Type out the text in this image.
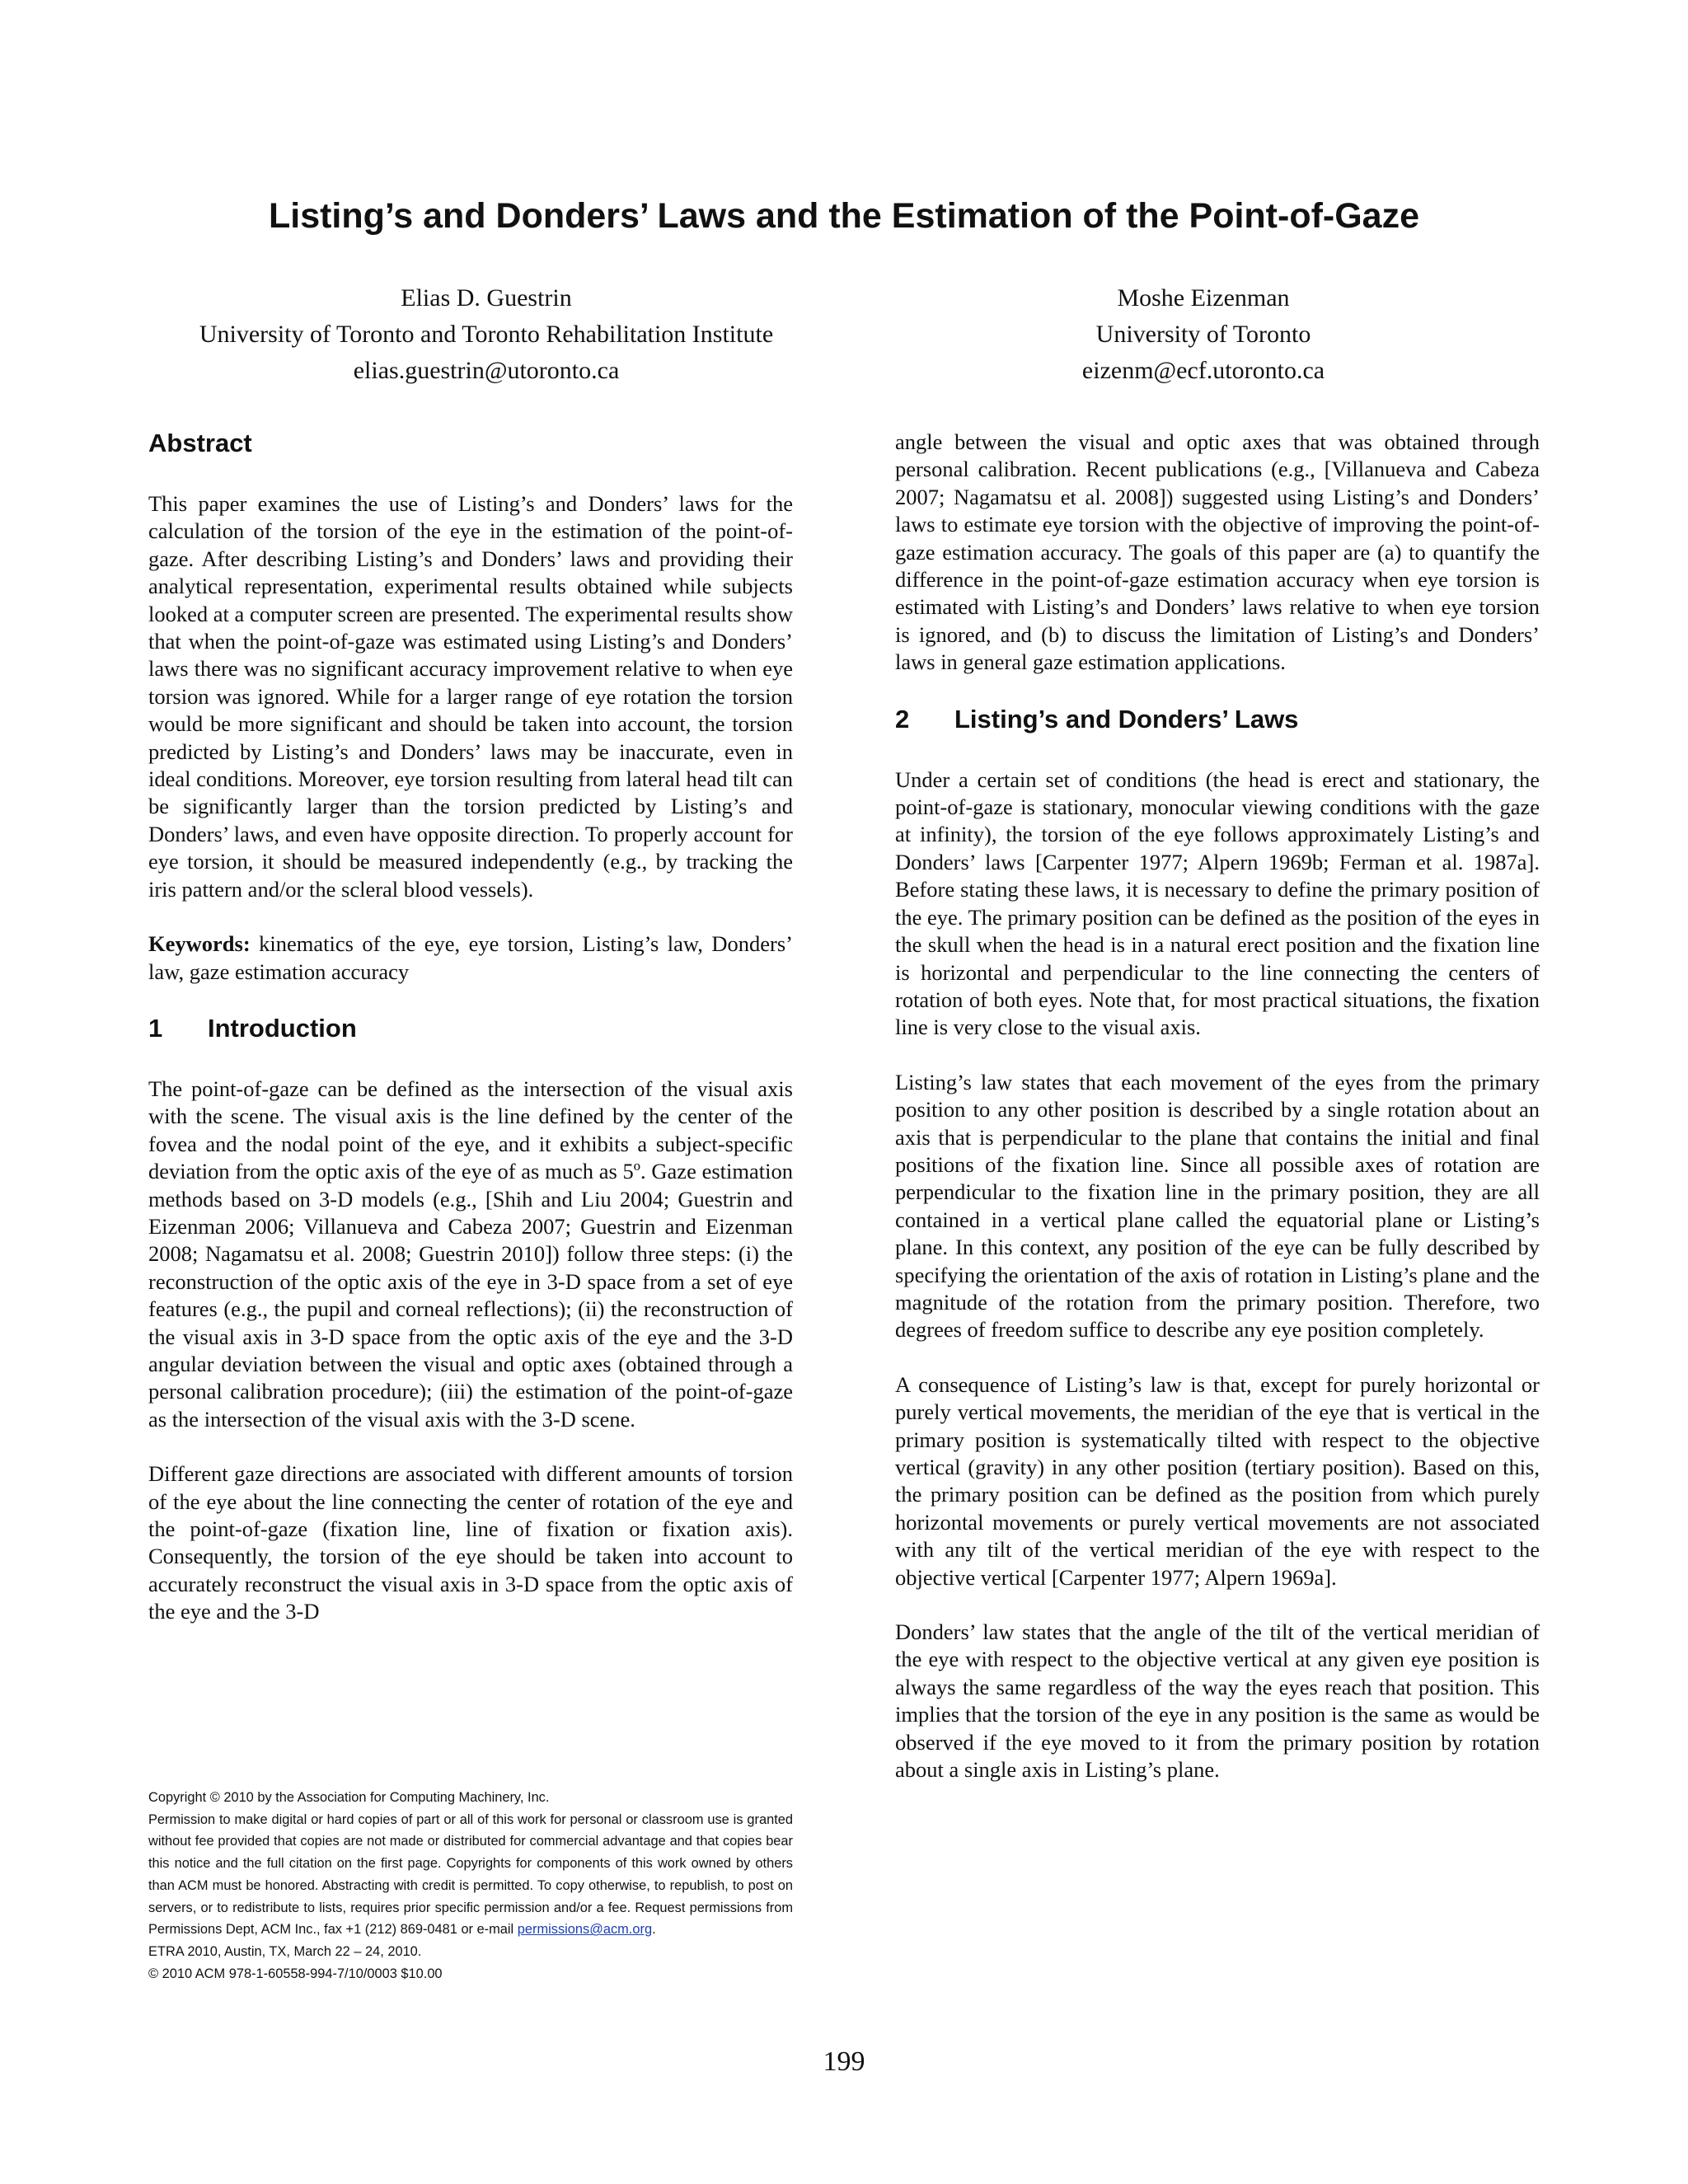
Listing’s and Donders’ Laws and the Estimation of the Point-of-Gaze
Elias D. Guestrin
University of Toronto and Toronto Rehabilitation Institute
elias.guestrin@utoronto.ca
Moshe Eizenman
University of Toronto
eizenm@ecf.utoronto.ca
Abstract

This paper examines the use of Listing’s and Donders’ laws for the calculation of the torsion of the eye in the estimation of the point-of-gaze. After describing Listing’s and Donders’ laws and providing their analytical representation, experimental results obtained while subjects looked at a computer screen are presented. The experimental results show that when the point-of-gaze was estimated using Listing’s and Donders’ laws there was no significant accuracy improvement relative to when eye torsion was ignored. While for a larger range of eye rotation the torsion would be more significant and should be taken into account, the torsion predicted by Listing’s and Donders’ laws may be inaccurate, even in ideal conditions. Moreover, eye torsion resulting from lateral head tilt can be significantly larger than the torsion predicted by Listing’s and Donders’ laws, and even have opposite direction. To properly account for eye torsion, it should be measured independently (e.g., by tracking the iris pattern and/or the scleral blood vessels).

Keywords: kinematics of the eye, eye torsion, Listing’s law, Donders’ law, gaze estimation accuracy

1 Introduction

The point-of-gaze can be defined as the intersection of the visual axis with the scene. The visual axis is the line defined by the center of the fovea and the nodal point of the eye, and it exhibits a subject-specific deviation from the optic axis of the eye of as much as 5º. Gaze estimation methods based on 3-D models (e.g., [Shih and Liu 2004; Guestrin and Eizenman 2006; Villanueva and Cabeza 2007; Guestrin and Eizenman 2008; Nagamatsu et al. 2008; Guestrin 2010]) follow three steps: (i) the reconstruction of the optic axis of the eye in 3-D space from a set of eye features (e.g., the pupil and corneal reflections); (ii) the reconstruction of the visual axis in 3-D space from the optic axis of the eye and the 3-D angular deviation between the visual and optic axes (obtained through a personal calibration procedure); (iii) the estimation of the point-of-gaze as the intersection of the visual axis with the 3-D scene.

Different gaze directions are associated with different amounts of torsion of the eye about the line connecting the center of rotation of the eye and the point-of-gaze (fixation line, line of fixation or fixation axis). Consequently, the torsion of the eye should be taken into account to accurately reconstruct the visual axis in 3-D space from the optic axis of the eye and the 3-D

angle between the visual and optic axes that was obtained through personal calibration. Recent publications (e.g., [Villanueva and Cabeza 2007; Nagamatsu et al. 2008]) suggested using Listing’s and Donders’ laws to estimate eye torsion with the objective of improving the point-of-gaze estimation accuracy. The goals of this paper are (a) to quantify the difference in the point-of-gaze estimation accuracy when eye torsion is estimated with Listing’s and Donders’ laws relative to when eye torsion is ignored, and (b) to discuss the limitation of Listing’s and Donders’ laws in general gaze estimation applications.

2 Listing’s and Donders’ Laws

Under a certain set of conditions (the head is erect and stationary, the point-of-gaze is stationary, monocular viewing conditions with the gaze at infinity), the torsion of the eye follows approximately Listing’s and Donders’ laws [Carpenter 1977; Alpern 1969b; Ferman et al. 1987a]. Before stating these laws, it is necessary to define the primary position of the eye. The primary position can be defined as the position of the eyes in the skull when the head is in a natural erect position and the fixation line is horizontal and perpendicular to the line connecting the centers of rotation of both eyes. Note that, for most practical situations, the fixation line is very close to the visual axis.

Listing’s law states that each movement of the eyes from the primary position to any other position is described by a single rotation about an axis that is perpendicular to the plane that contains the initial and final positions of the fixation line. Since all possible axes of rotation are perpendicular to the fixation line in the primary position, they are all contained in a vertical plane called the equatorial plane or Listing’s plane. In this context, any position of the eye can be fully described by specifying the orientation of the axis of rotation in Listing’s plane and the magnitude of the rotation from the primary position. Therefore, two degrees of freedom suffice to describe any eye position completely.

A consequence of Listing’s law is that, except for purely horizontal or purely vertical movements, the meridian of the eye that is vertical in the primary position is systematically tilted with respect to the objective vertical (gravity) in any other position (tertiary position). Based on this, the primary position can be defined as the position from which purely horizontal movements or purely vertical movements are not associated with any tilt of the vertical meridian of the eye with respect to the objective vertical [Carpenter 1977; Alpern 1969a].

Donders’ law states that the angle of the tilt of the vertical meridian of the eye with respect to the objective vertical at any given eye position is always the same regardless of the way the eyes reach that position. This implies that the torsion of the eye in any position is the same as would be observed if the eye moved to it from the primary position by rotation about a single axis in Listing’s plane.

Copyright © 2010 by the Association for Computing Machinery, Inc.

Permission to make digital or hard copies of part or all of this work for personal or classroom use is granted without fee provided that copies are not made or distributed for commercial advantage and that copies bear this notice and the full citation on the first page. Copyrights for components of this work owned by others than ACM must be honored. Abstracting with credit is permitted. To copy otherwise, to republish, to post on servers, or to redistribute to lists, requires prior specific permission and/or a fee. Request permissions from Permissions Dept, ACM Inc., fax +1 (212) 869-0481 or e-mail permissions@acm.org.

ETRA 2010, Austin, TX, March 22 – 24, 2010.

© 2010 ACM 978-1-60558-994-7/10/0003 $10.00

199
